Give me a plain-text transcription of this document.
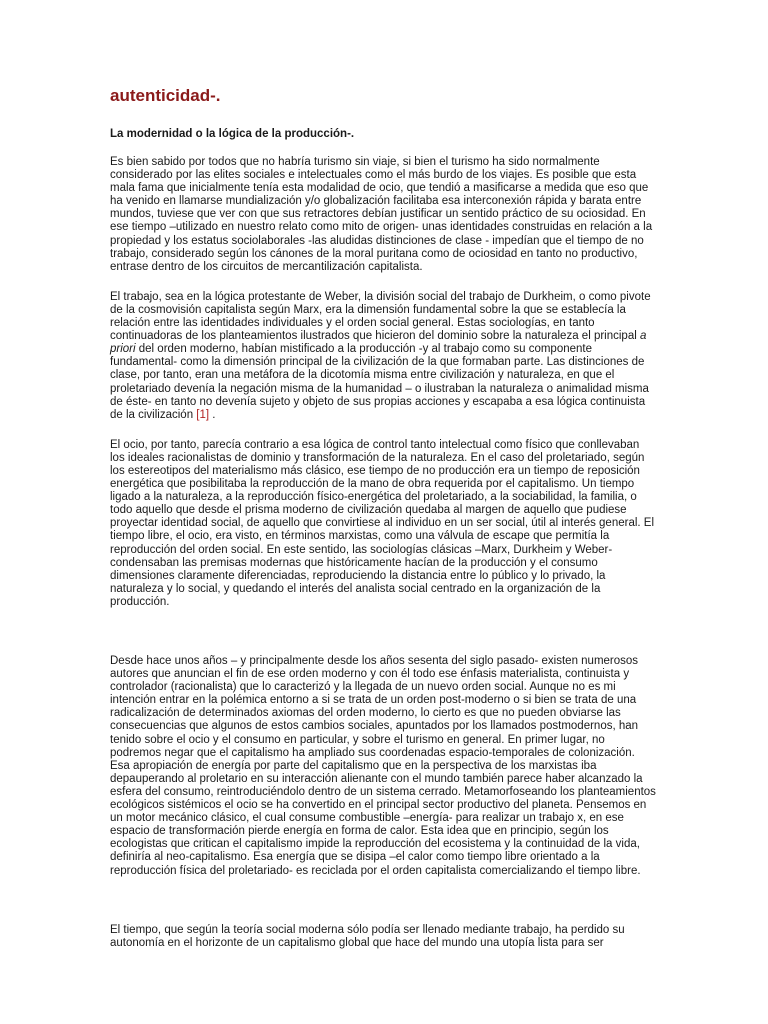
autenticidad-.

La modernidad o la lógica de la producción-.

Es bien sabido por todos que no habría turismo sin viaje, si bien el turismo ha sido normalmente considerado por las elites sociales e intelectuales como el más burdo de los viajes. Es posible que esta mala fama que inicialmente tenía esta modalidad de ocio, que tendió a masificarse a medida que eso que ha venido en llamarse mundialización y/o globalización facilitaba esa interconexión rápida y barata entre mundos, tuviese que ver con que sus retractores debían justificar un sentido práctico de su ociosidad. En ese tiempo –utilizado en nuestro relato como mito de origen- unas identidades construidas en relación a la propiedad y los estatus sociolaborales -las aludidas distinciones de clase - impedían que el tiempo de no trabajo, considerado según los cánones de la moral puritana como de ociosidad en tanto no productivo, entrase dentro de los circuitos de mercantilización capitalista.

El trabajo, sea en la lógica protestante de Weber, la división social del trabajo de Durkheim, o como pivote de la cosmovisión capitalista según Marx, era la dimensión fundamental sobre la que se establecía la relación entre las identidades individuales y el orden social general. Estas sociologías, en tanto continuadoras de los planteamientos ilustrados que hicieron del dominio sobre la naturaleza el principal a priori del orden moderno, habían mistificado a la producción -y al trabajo como su componente fundamental- como la dimensión principal de la civilización de la que formaban parte. Las distinciones de clase, por tanto, eran una metáfora de la dicotomía misma entre civilización y naturaleza, en que el proletariado devenía la negación misma de la humanidad – o ilustraban la naturaleza o animalidad misma de éste- en tanto no devenía sujeto y objeto de sus propias acciones y escapaba a esa lógica continuista de la civilización [1] .

El ocio, por tanto, parecía contrario a esa lógica de control tanto intelectual como físico que conllevaban los ideales racionalistas de dominio y transformación de la naturaleza. En el caso del proletariado, según los estereotipos del materialismo más clásico, ese tiempo de no producción era un tiempo de reposición energética que posibilitaba la reproducción de la mano de obra requerida por el capitalismo. Un tiempo ligado a la naturaleza, a la reproducción físico-energética del proletariado, a la sociabilidad, la familia, o todo aquello que desde el prisma moderno de civilización quedaba al margen de aquello que pudiese proyectar identidad social, de aquello que convirtiese al individuo en un ser social, útil al interés general. El tiempo libre, el ocio, era visto, en términos marxistas, como una válvula de escape que permitía la reproducción del orden social. En este sentido, las sociologías clásicas –Marx, Durkheim y Weber- condensaban las premisas modernas que históricamente hacían de la producción y el consumo dimensiones claramente diferenciadas, reproduciendo la distancia entre lo público y lo privado, la naturaleza y lo social, y quedando el interés del analista social centrado en la organización de la producción.

Desde hace unos años – y principalmente desde los años sesenta del siglo pasado- existen numerosos autores que anuncian el fin de ese orden moderno y con él todo ese énfasis materialista, continuista y controlador (racionalista) que lo caracterizó y la llegada de un nuevo orden social. Aunque no es mi intención entrar en la polémica entorno a si se trata de un orden post-moderno o si bien se trata de una radicalización de determinados axiomas del orden moderno, lo cierto es que no pueden obviarse las consecuencias que algunos de estos cambios sociales, apuntados por los llamados postmodernos, han tenido sobre el ocio y el consumo en particular, y sobre el turismo en general. En primer lugar, no podremos negar que el capitalismo ha ampliado sus coordenadas espacio-temporales de colonización. Esa apropiación de energía por parte del capitalismo que en la perspectiva de los marxistas iba depauperando al proletario en su interacción alienante con el mundo también parece haber alcanzado la esfera del consumo, reintroduciéndolo dentro de un sistema cerrado. Metamorfoseando los planteamientos ecológicos sistémicos el ocio se ha convertido en el principal sector productivo del planeta. Pensemos en un motor mecánico clásico, el cual consume combustible –energía- para realizar un trabajo x, en ese espacio de transformación pierde energía en forma de calor. Esta idea que en principio, según los ecologistas que critican el capitalismo impide la reproducción del ecosistema y la continuidad de la vida, definiría al neo-capitalismo. Esa energía que se disipa –el calor como tiempo libre orientado a la reproducción física del proletariado- es reciclada por el orden capitalista comercializando el tiempo libre.

El tiempo, que según la teoría social moderna sólo podía ser llenado mediante trabajo, ha perdido su autonomía en el horizonte de un capitalismo global que hace del mundo una utopía lista para ser
